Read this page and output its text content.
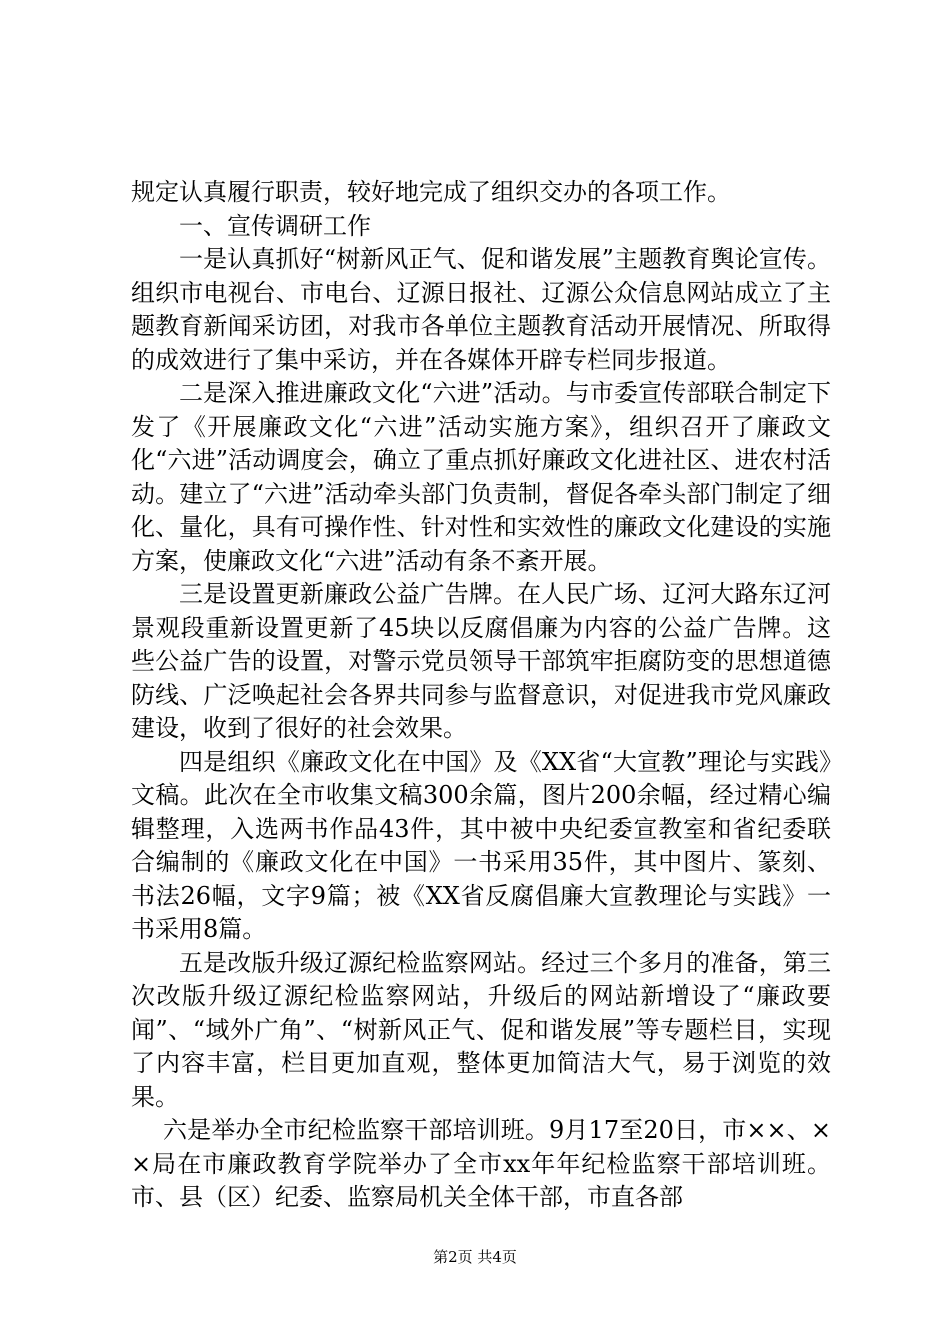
规定认真履行职责，较好地完成了组织交办的各项工作。

一、宣传调研工作

一是认真抓好“树新风正气、促和谐发展”主题教育舆论宣传。组织市电视台、市电台、辽源日报社、辽源公众信息网站成立了主题教育新闻采访团，对我市各单位主题教育活动开展情况、所取得的成效进行了集中采访，并在各媒体开辟专栏同步报道。

二是深入推进廉政文化“六进”活动。与市委宣传部联合制定下发了《开展廉政文化“六进”活动实施方案》，组织召开了廉政文化“六进”活动调度会，确立了重点抓好廉政文化进社区、进农村活动。建立了“六进”活动牵头部门负责制，督促各牵头部门制定了细化、量化，具有可操作性、针对性和实效性的廉政文化建设的实施方案，使廉政文化“六进”活动有条不紊开展。

三是设置更新廉政公益广告牌。在人民广场、辽河大路东辽河景观段重新设置更新了45块以反腐倡廉为内容的公益广告牌。这些公益广告的设置，对警示党员领导干部筑牢拒腐防变的思想道德防线、广泛唤起社会各界共同参与监督意识，对促进我市党风廉政建设，收到了很好的社会效果。

四是组织《廉政文化在中国》及《XX省“大宣教”理论与实践》文稿。此次在全市收集文稿300余篇，图片200余幅，经过精心编辑整理，入选两书作品43件，其中被中央纪委宣教室和省纪委联合编制的《廉政文化在中国》一书采用35件，其中图片、篆刻、书法26幅，文字9篇；被《XX省反腐倡廉大宣教理论与实践》一书采用8篇。

五是改版升级辽源纪检监察网站。经过三个多月的准备，第三次改版升级辽源纪检监察网站，升级后的网站新增设了“廉政要闻”、“域外广角”、“树新风正气、促和谐发展”等专题栏目，实现了内容丰富，栏目更加直观，整体更加简洁大气，易于浏览的效果。

六是举办全市纪检监察干部培训班。9月17至20日，市××、××局在市廉政教育学院举办了全市xx年年纪检监察干部培训班。市、县（区）纪委、监察局机关全体干部，市直各部

第2页 共4页
